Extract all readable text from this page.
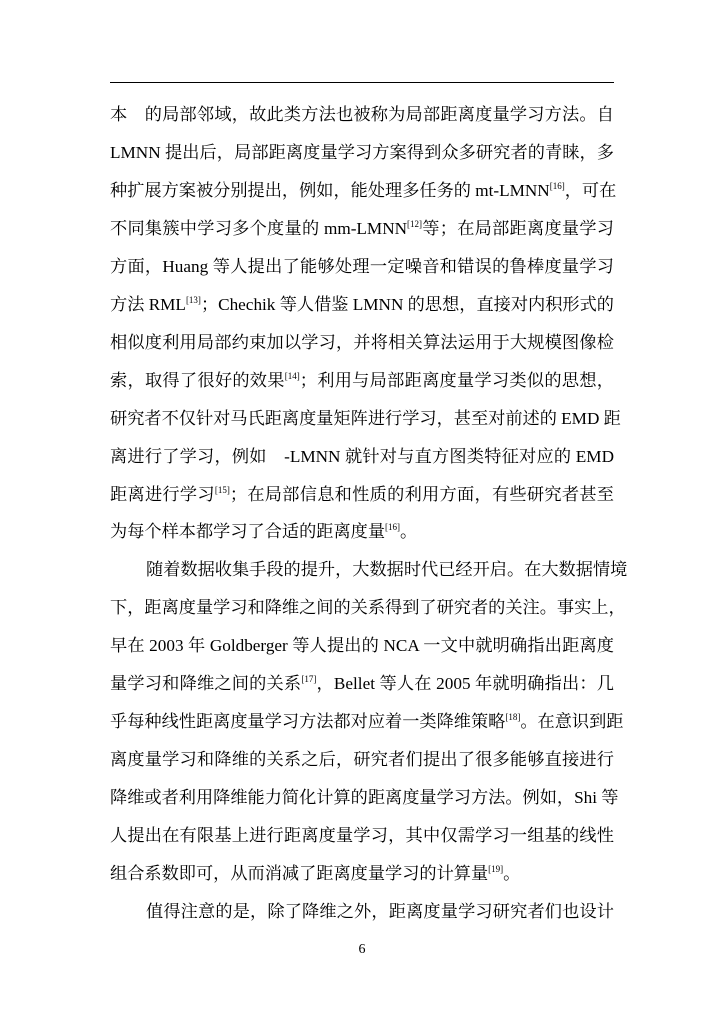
本　的局部邻域，故此类方法也被称为局部距离度量学习方法。自
LMNN 提出后，局部距离度量学习方案得到众多研究者的青睐，多
种扩展方案被分别提出，例如，能处理多任务的 mt-LMNN[16]，可在
不同集簇中学习多个度量的 mm-LMNN[12]等；在局部距离度量学习
方面，Huang 等人提出了能够处理一定噪音和错误的鲁棒度量学习
方法 RML[13]；Chechik 等人借鉴 LMNN 的思想，直接对内积形式的
相似度利用局部约束加以学习，并将相关算法运用于大规模图像检
索，取得了很好的效果[14]；利用与局部距离度量学习类似的思想，
研究者不仅针对马氏距离度量矩阵进行学习，甚至对前述的 EMD 距
离进行了学习，例如　-LMNN 就针对与直方图类特征对应的 EMD
距离进行学习[15]；在局部信息和性质的利用方面，有些研究者甚至
为每个样本都学习了合适的距离度量[16]。
随着数据收集手段的提升，大数据时代已经开启。在大数据情境
下，距离度量学习和降维之间的关系得到了研究者的关注。事实上，
早在 2003 年 Goldberger 等人提出的 NCA 一文中就明确指出距离度
量学习和降维之间的关系[17]，Bellet 等人在 2005 年就明确指出：几
乎每种线性距离度量学习方法都对应着一类降维策略[18]。在意识到距
离度量学习和降维的关系之后，研究者们提出了很多能够直接进行
降维或者利用降维能力简化计算的距离度量学习方法。例如，Shi 等
人提出在有限基上进行距离度量学习，其中仅需学习一组基的线性
组合系数即可，从而消减了距离度量学习的计算量[19]。
值得注意的是，除了降维之外，距离度量学习研究者们也设计
6
